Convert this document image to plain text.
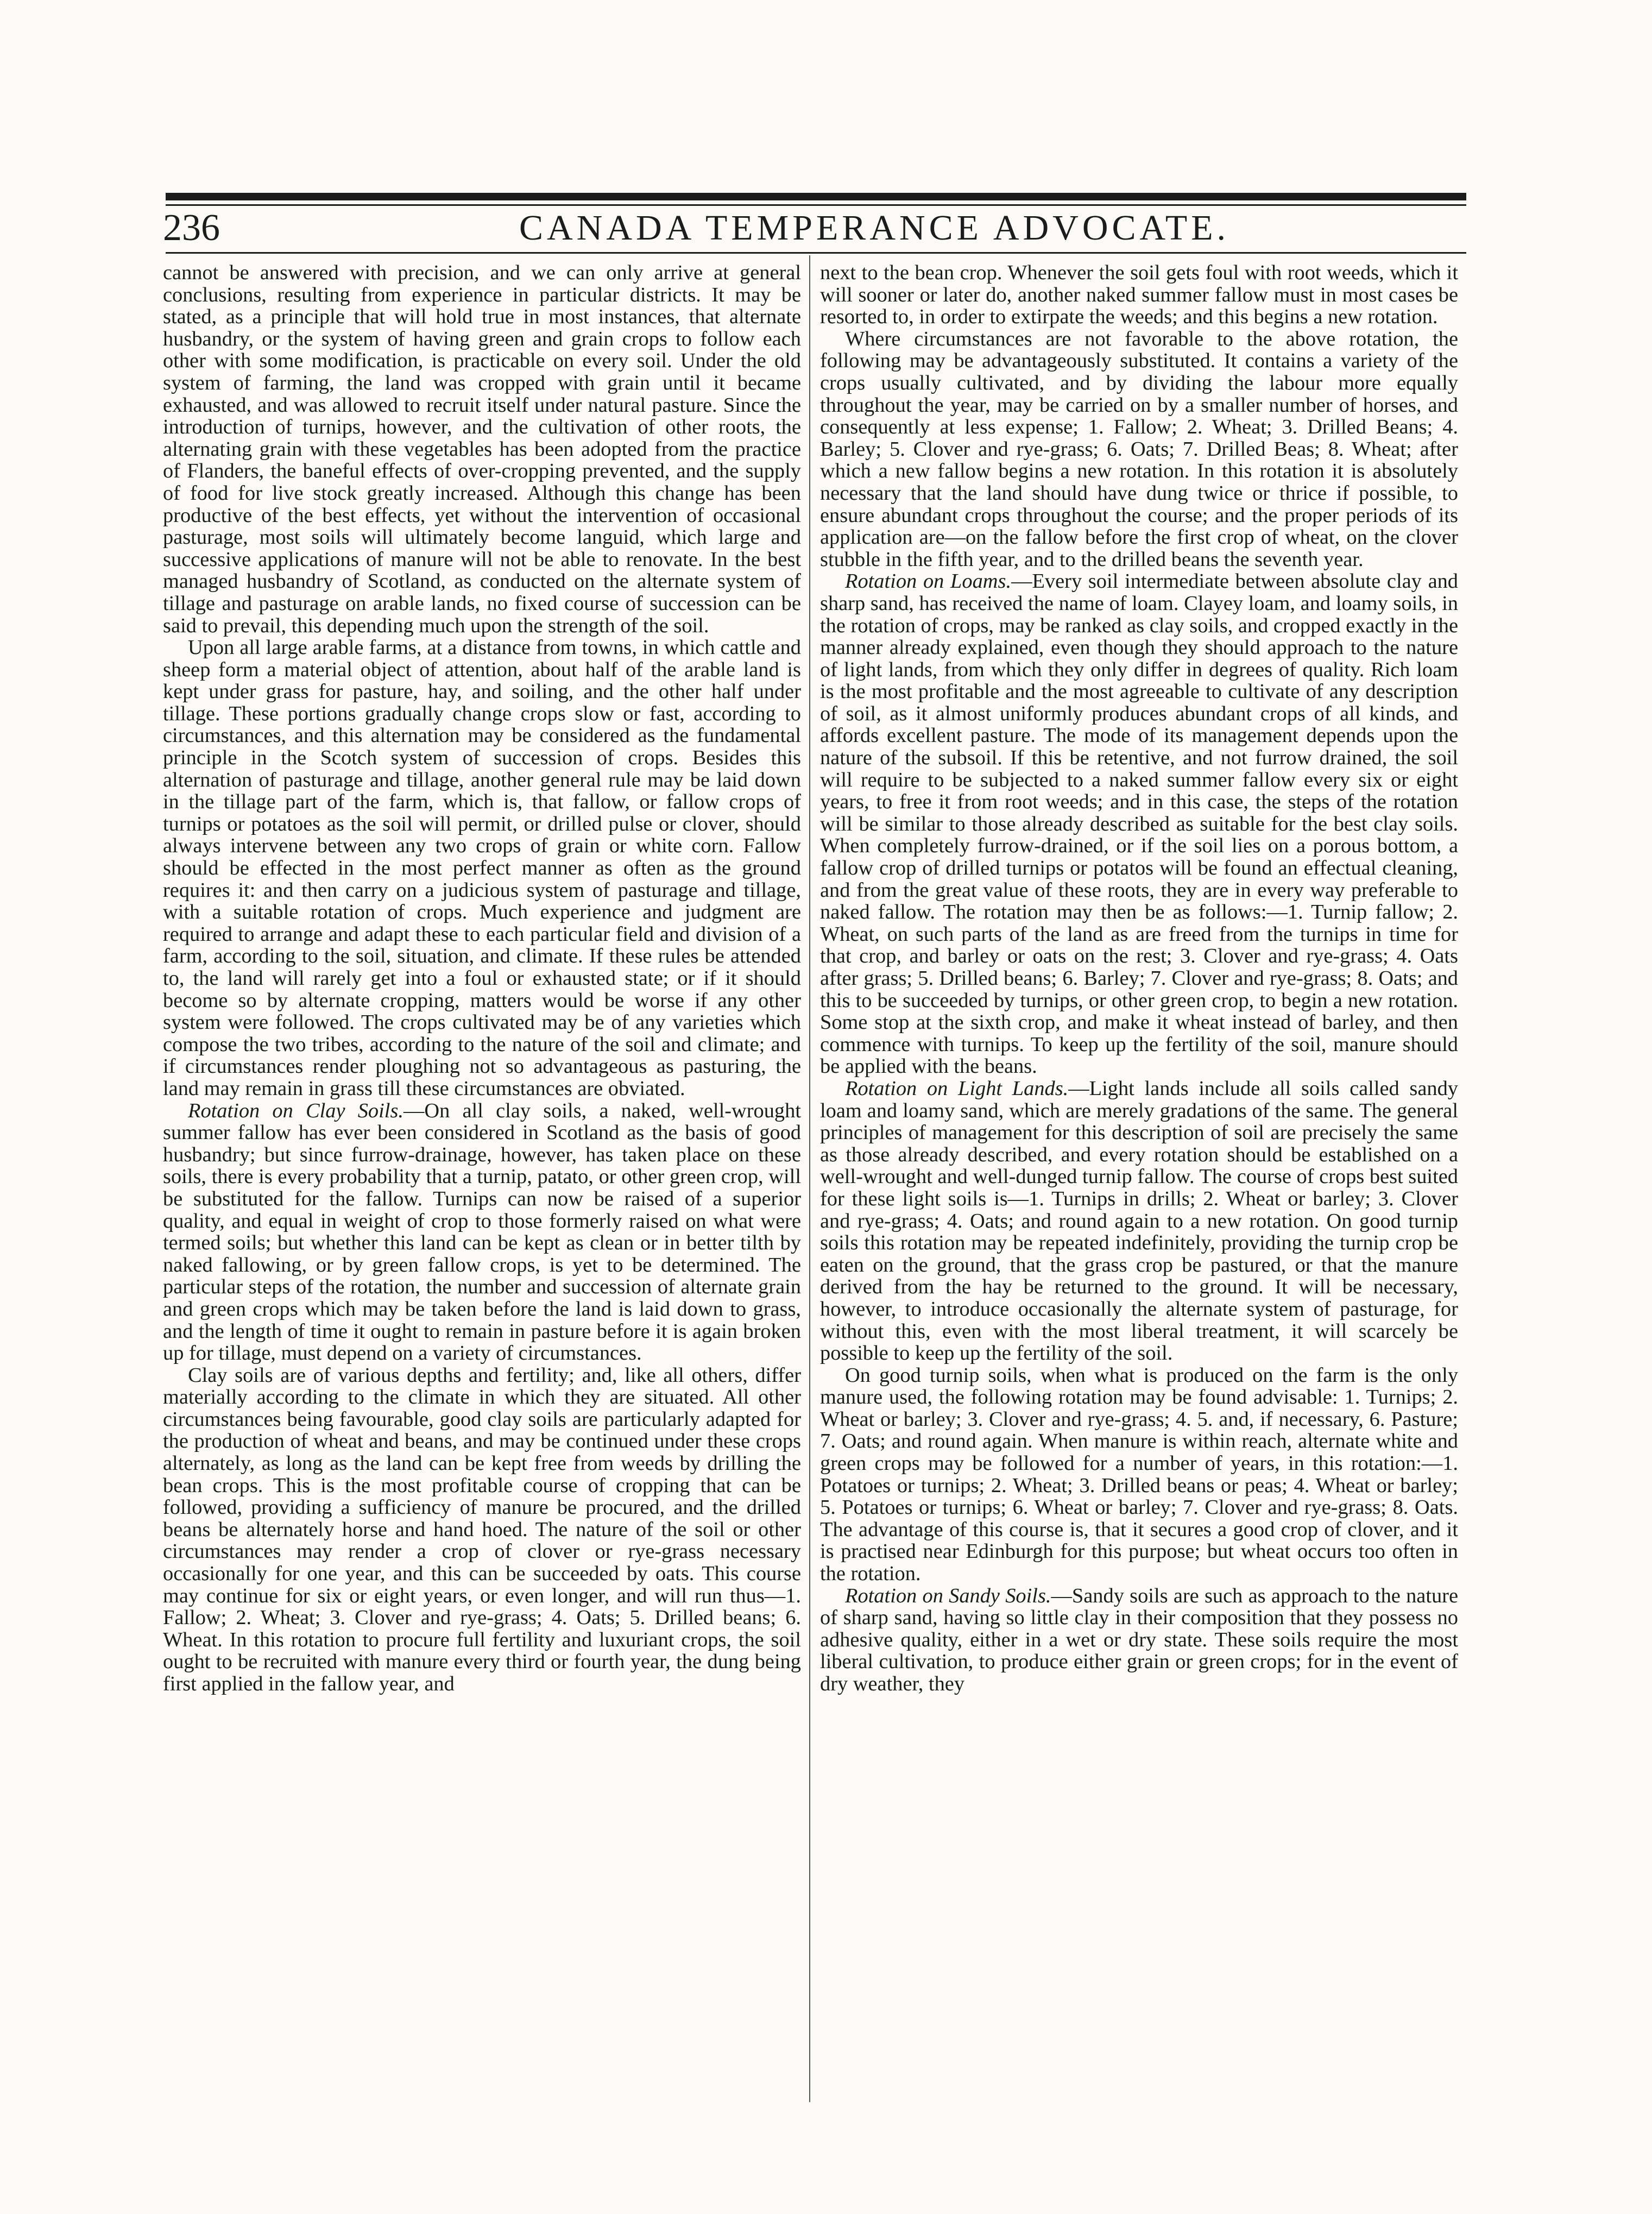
236	CANADA TEMPERANCE ADVOCATE.

cannot be answered with precision, and we can only arrive at general conclusions, resulting from experience in particular districts. It may be stated, as a principle that will hold true in most instances, that alternate husbandry, or the system of having green and grain crops to follow each other with some modification, is practicable on every soil. Under the old system of farming, the land was cropped with grain until it became exhausted, and was allowed to recruit itself under natural pasture. Since the introduction of turnips, however, and the cultivation of other roots, the alternating grain with these vegetables has been adopted from the practice of Flanders, the baneful effects of over-cropping prevented, and the supply of food for live stock greatly increased. Although this change has been productive of the best effects, yet without the intervention of occasional pasturage, most soils will ultimately become languid, which large and successive applications of manure will not be able to renovate. In the best managed husbandry of Scotland, as conducted on the alternate system of tillage and pasturage on arable lands, no fixed course of succession can be said to prevail, this depending much upon the strength of the soil.

Upon all large arable farms, at a distance from towns, in which cattle and sheep form a material object of attention, about half of the arable land is kept under grass for pasture, hay, and soiling, and the other half under tillage. These portions gradually change crops slow or fast, according to circumstances, and this alternation may be considered as the fundamental principle in the Scotch system of succession of crops. Besides this alternation of pasturage and tillage, another general rule may be laid down in the tillage part of the farm, which is, that fallow, or fallow crops of turnips or potatoes as the soil will permit, or drilled pulse or clover, should always intervene between any two crops of grain or white corn. Fallow should be effected in the most perfect manner as often as the ground requires it: and then carry on a judicious system of pasturage and tillage, with a suitable rotation of crops. Much experience and judgment are required to arrange and adapt these to each particular field and division of a farm, according to the soil, situation, and climate. If these rules be attended to, the land will rarely get into a foul or exhausted state; or if it should become so by alternate cropping, matters would be worse if any other system were followed. The crops cultivated may be of any varieties which compose the two tribes, according to the nature of the soil and climate; and if circumstances render ploughing not so advantageous as pasturing, the land may remain in grass till these circumstances are obviated.

Rotation on Clay Soils.—On all clay soils, a naked, well-wrought summer fallow has ever been considered in Scotland as the basis of good husbandry; but since furrow-drainage, however, has taken place on these soils, there is every probability that a turnip, patato, or other green crop, will be substituted for the fallow. Turnips can now be raised of a superior quality, and equal in weight of crop to those formerly raised on what were termed soils; but whether this land can be kept as clean or in better tilth by naked fallowing, or by green fallow crops, is yet to be determined. The particular steps of the rotation, the number and succession of alternate grain and green crops which may be taken before the land is laid down to grass, and the length of time it ought to remain in pasture before it is again broken up for tillage, must depend on a variety of circumstances.

Clay soils are of various depths and fertility; and, like all others, differ materially according to the climate in which they are situated. All other circumstances being favourable, good clay soils are particularly adapted for the production of wheat and beans, and may be continued under these crops alternately, as long as the land can be kept free from weeds by drilling the bean crops. This is the most profitable course of cropping that can be followed, providing a sufficiency of manure be procured, and the drilled beans be alternately horse and hand hoed. The nature of the soil or other circumstances may render a crop of clover or rye-grass necessary occasionally for one year, and this can be succeeded by oats. This course may continue for six or eight years, or even longer, and will run thus—1. Fallow; 2. Wheat; 3. Clover and rye-grass; 4. Oats; 5. Drilled beans; 6. Wheat. In this rotation to procure full fertility and luxuriant crops, the soil ought to be recruited with manure every third or fourth year, the dung being first applied in the fallow year, and

next to the bean crop. Whenever the soil gets foul with root weeds, which it will sooner or later do, another naked summer fallow must in most cases be resorted to, in order to extirpate the weeds; and this begins a new rotation.

Where circumstances are not favorable to the above rotation, the following may be advantageously substituted. It contains a variety of the crops usually cultivated, and by dividing the labour more equally throughout the year, may be carried on by a smaller number of horses, and consequently at less expense; 1. Fallow; 2. Wheat; 3. Drilled Beans; 4. Barley; 5. Clover and rye-grass; 6. Oats; 7. Drilled Beas; 8. Wheat; after which a new fallow begins a new rotation. In this rotation it is absolutely necessary that the land should have dung twice or thrice if possible, to ensure abundant crops throughout the course; and the proper periods of its application are—on the fallow before the first crop of wheat, on the clover stubble in the fifth year, and to the drilled beans the seventh year.

Rotation on Loams.—Every soil intermediate between absolute clay and sharp sand, has received the name of loam. Clayey loam, and loamy soils, in the rotation of crops, may be ranked as clay soils, and cropped exactly in the manner already explained, even though they should approach to the nature of light lands, from which they only differ in degrees of quality. Rich loam is the most profitable and the most agreeable to cultivate of any description of soil, as it almost uniformly produces abundant crops of all kinds, and affords excellent pasture. The mode of its management depends upon the nature of the subsoil. If this be retentive, and not furrow drained, the soil will require to be subjected to a naked summer fallow every six or eight years, to free it from root weeds; and in this case, the steps of the rotation will be similar to those already described as suitable for the best clay soils. When completely furrow-drained, or if the soil lies on a porous bottom, a fallow crop of drilled turnips or potatos will be found an effectual cleaning, and from the great value of these roots, they are in every way preferable to naked fallow. The rotation may then be as follows:—1. Turnip fallow; 2. Wheat, on such parts of the land as are freed from the turnips in time for that crop, and barley or oats on the rest; 3. Clover and rye-grass; 4. Oats after grass; 5. Drilled beans; 6. Barley; 7. Clover and rye-grass; 8. Oats; and this to be succeeded by turnips, or other green crop, to begin a new rotation. Some stop at the sixth crop, and make it wheat instead of barley, and then commence with turnips. To keep up the fertility of the soil, manure should be applied with the beans.

Rotation on Light Lands.—Light lands include all soils called sandy loam and loamy sand, which are merely gradations of the same. The general principles of management for this description of soil are precisely the same as those already described, and every rotation should be established on a well-wrought and well-dunged turnip fallow. The course of crops best suited for these light soils is—1. Turnips in drills; 2. Wheat or barley; 3. Clover and rye-grass; 4. Oats; and round again to a new rotation. On good turnip soils this rotation may be repeated indefinitely, providing the turnip crop be eaten on the ground, that the grass crop be pastured, or that the manure derived from the hay be returned to the ground. It will be necessary, however, to introduce occasionally the alternate system of pasturage, for without this, even with the most liberal treatment, it will scarcely be possible to keep up the fertility of the soil.

On good turnip soils, when what is produced on the farm is the only manure used, the following rotation may be found advisable: 1. Turnips; 2. Wheat or barley; 3. Clover and rye-grass; 4. 5. and, if necessary, 6. Pasture; 7. Oats; and round again. When manure is within reach, alternate white and green crops may be followed for a number of years, in this rotation:—1. Potatoes or turnips; 2. Wheat; 3. Drilled beans or peas; 4. Wheat or barley; 5. Potatoes or turnips; 6. Wheat or barley; 7. Clover and rye-grass; 8. Oats. The advantage of this course is, that it secures a good crop of clover, and it is practised near Edinburgh for this purpose; but wheat occurs too often in the rotation.

Rotation on Sandy Soils.—Sandy soils are such as approach to the nature of sharp sand, having so little clay in their composition that they possess no adhesive quality, either in a wet or dry state. These soils require the most liberal cultivation, to produce either grain or green crops; for in the event of dry weather, they
